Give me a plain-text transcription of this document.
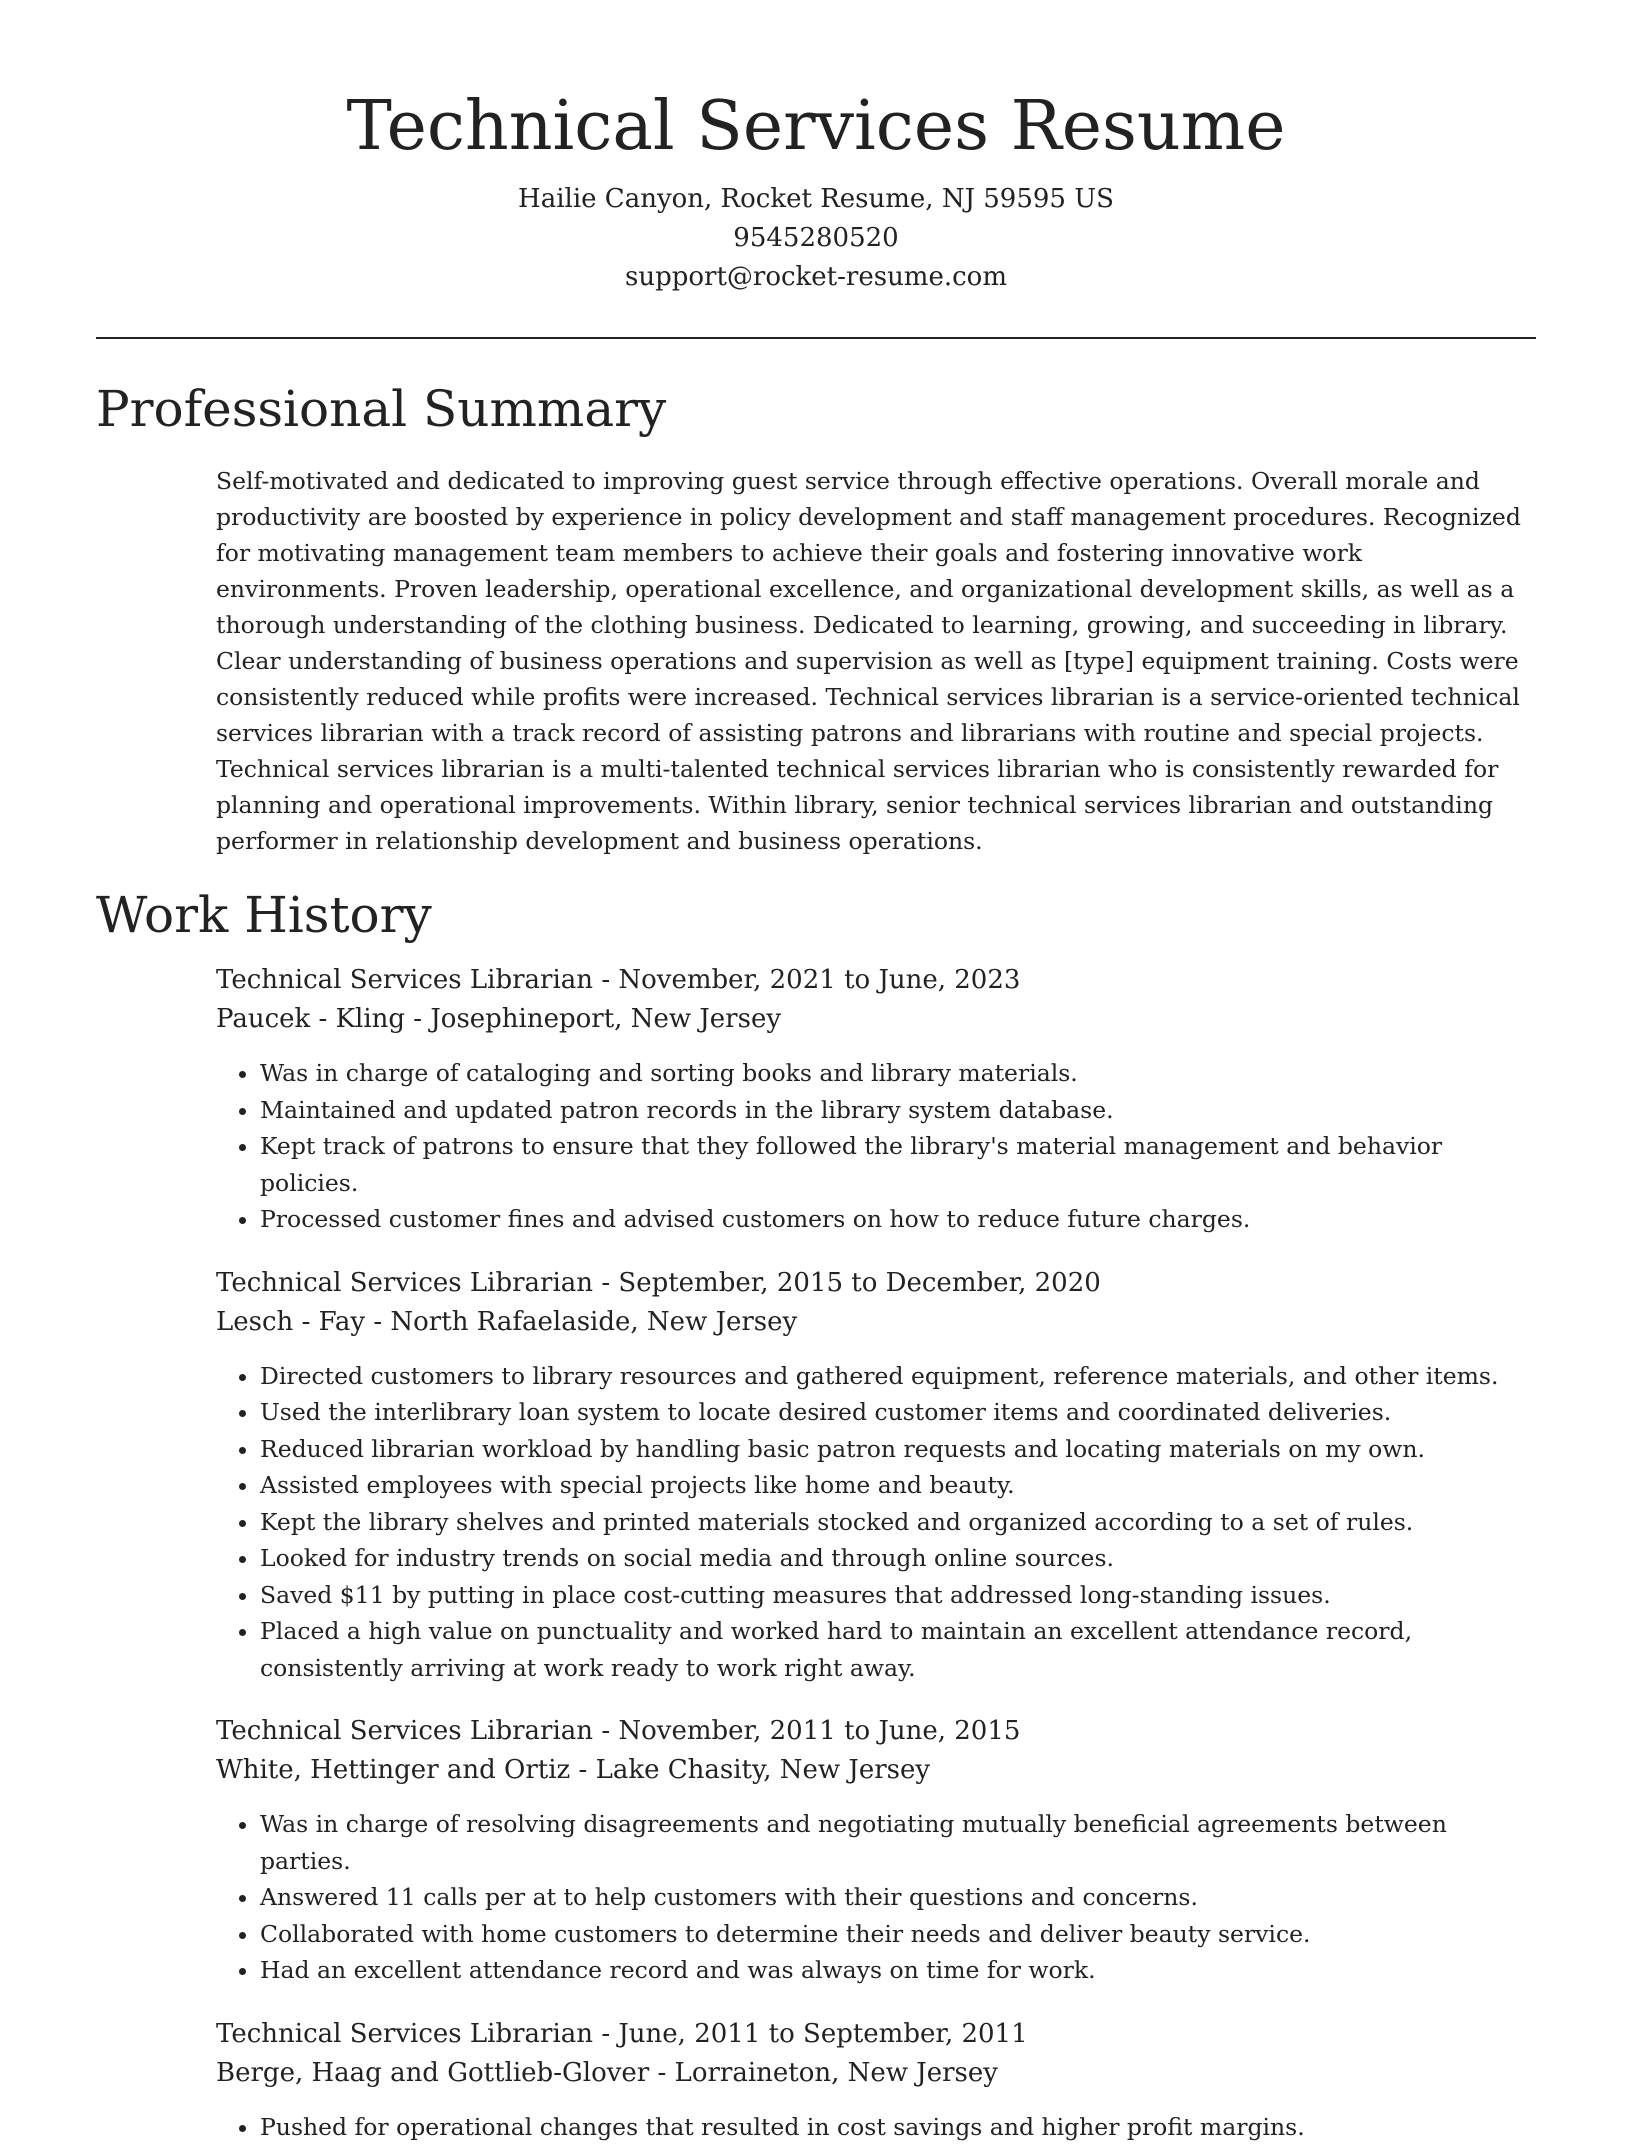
Technical Services Resume
Hailie Canyon, Rocket Resume, NJ 59595 US
9545280520
support@rocket-resume.com
Professional Summary
Self-motivated and dedicated to improving guest service through effective operations. Overall morale and productivity are boosted by experience in policy development and staff management procedures. Recognized for motivating management team members to achieve their goals and fostering innovative work environments. Proven leadership, operational excellence, and organizational development skills, as well as a thorough understanding of the clothing business. Dedicated to learning, growing, and succeeding in library. Clear understanding of business operations and supervision as well as [type] equipment training. Costs were consistently reduced while profits were increased. Technical services librarian is a service-oriented technical services librarian with a track record of assisting patrons and librarians with routine and special projects. Technical services librarian is a multi-talented technical services librarian who is consistently rewarded for planning and operational improvements. Within library, senior technical services librarian and outstanding performer in relationship development and business operations.
Work History
Technical Services Librarian - November, 2021 to June, 2023
Paucek - Kling - Josephineport, New Jersey
• Was in charge of cataloging and sorting books and library materials.
• Maintained and updated patron records in the library system database.
• Kept track of patrons to ensure that they followed the library's material management and behavior policies.
• Processed customer fines and advised customers on how to reduce future charges.
Technical Services Librarian - September, 2015 to December, 2020
Lesch - Fay - North Rafaelaside, New Jersey
• Directed customers to library resources and gathered equipment, reference materials, and other items.
• Used the interlibrary loan system to locate desired customer items and coordinated deliveries.
• Reduced librarian workload by handling basic patron requests and locating materials on my own.
• Assisted employees with special projects like home and beauty.
• Kept the library shelves and printed materials stocked and organized according to a set of rules.
• Looked for industry trends on social media and through online sources.
• Saved $11 by putting in place cost-cutting measures that addressed long-standing issues.
• Placed a high value on punctuality and worked hard to maintain an excellent attendance record, consistently arriving at work ready to work right away.
Technical Services Librarian - November, 2011 to June, 2015
White, Hettinger and Ortiz - Lake Chasity, New Jersey
• Was in charge of resolving disagreements and negotiating mutually beneficial agreements between parties.
• Answered 11 calls per at to help customers with their questions and concerns.
• Collaborated with home customers to determine their needs and deliver beauty service.
• Had an excellent attendance record and was always on time for work.
Technical Services Librarian - June, 2011 to September, 2011
Berge, Haag and Gottlieb-Glover - Lorraineton, New Jersey
• Pushed for operational changes that resulted in cost savings and higher profit margins.
